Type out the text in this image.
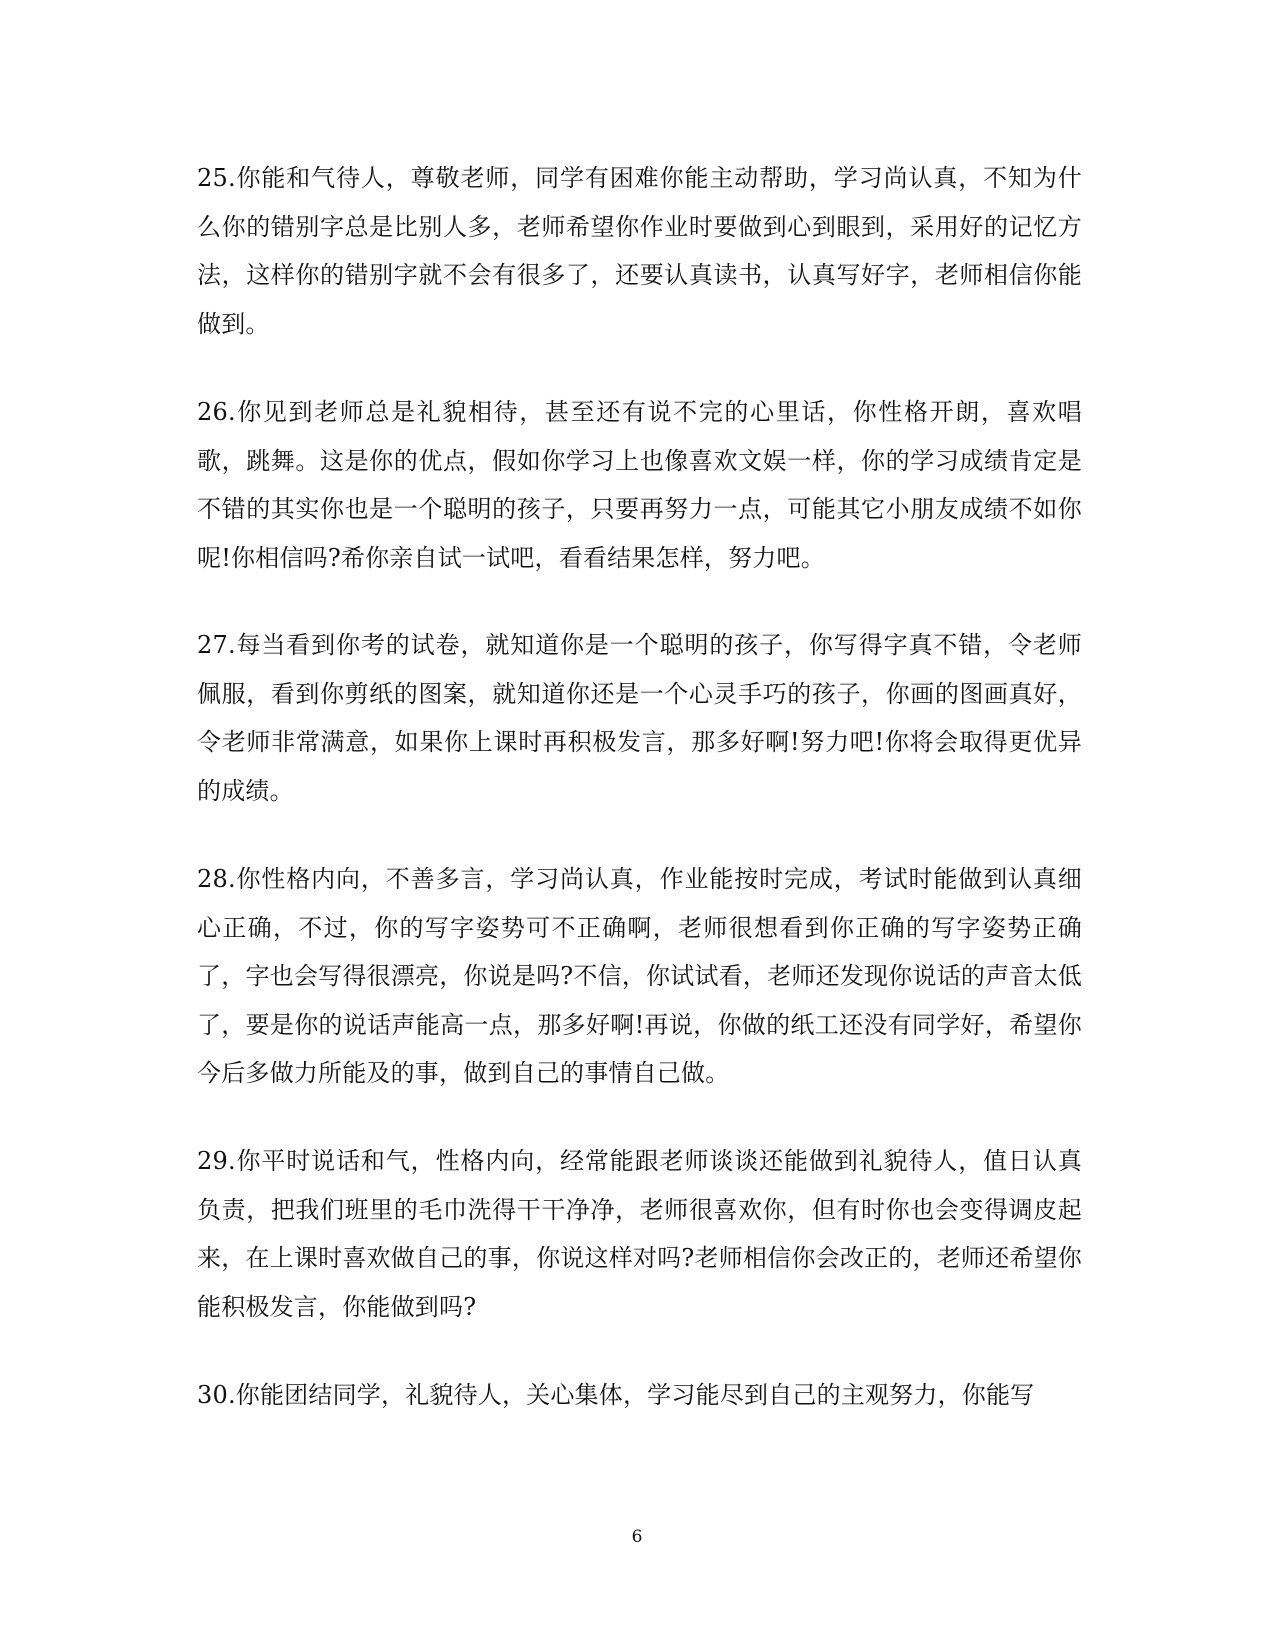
25.你能和气待人，尊敬老师，同学有困难你能主动帮助，学习尚认真，不知为什么你的错别字总是比别人多，老师希望你作业时要做到心到眼到，采用好的记忆方法，这样你的错别字就不会有很多了，还要认真读书，认真写好字，老师相信你能做到。

26.你见到老师总是礼貌相待，甚至还有说不完的心里话，你性格开朗，喜欢唱歌，跳舞。这是你的优点，假如你学习上也像喜欢文娱一样，你的学习成绩肯定是不错的其实你也是一个聪明的孩子，只要再努力一点，可能其它小朋友成绩不如你呢!你相信吗?希你亲自试一试吧，看看结果怎样，努力吧。

27.每当看到你考的试卷，就知道你是一个聪明的孩子，你写得字真不错，令老师佩服，看到你剪纸的图案，就知道你还是一个心灵手巧的孩子，你画的图画真好，令老师非常满意，如果你上课时再积极发言，那多好啊!努力吧!你将会取得更优异的成绩。

28.你性格内向，不善多言，学习尚认真，作业能按时完成，考试时能做到认真细心正确，不过，你的写字姿势可不正确啊，老师很想看到你正确的写字姿势正确了，字也会写得很漂亮，你说是吗?不信，你试试看，老师还发现你说话的声音太低了，要是你的说话声能高一点，那多好啊!再说，你做的纸工还没有同学好，希望你今后多做力所能及的事，做到自己的事情自己做。

29.你平时说话和气，性格内向，经常能跟老师谈谈还能做到礼貌待人，值日认真负责，把我们班里的毛巾洗得干干净净，老师很喜欢你，但有时你也会变得调皮起来，在上课时喜欢做自己的事，你说这样对吗?老师相信你会改正的，老师还希望你能积极发言，你能做到吗?

30.你能团结同学，礼貌待人，关心集体，学习能尽到自己的主观努力，你能写

6
